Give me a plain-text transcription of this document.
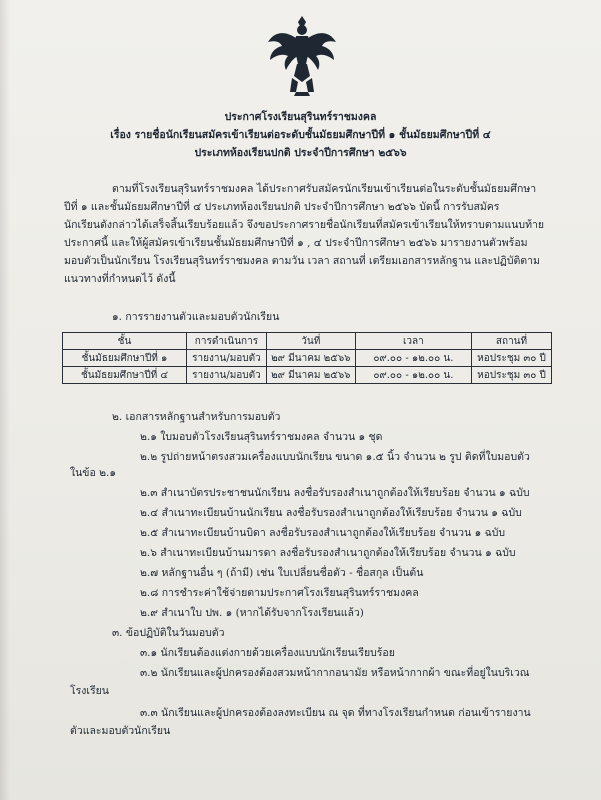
ประกาศโรงเรียนสุรินทร์ราชมงคล
เรื่อง รายชื่อนักเรียนสมัครเข้าเรียนต่อระดับชั้นมัธยมศึกษาปีที่ ๑ ชั้นมัธยมศึกษาปีที่ ๔
ประเภทห้องเรียนปกติ ประจำปีการศึกษา ๒๕๖๖
ตามที่โรงเรียนสุรินทร์ราชมงคล ได้ประกาศรับสมัครนักเรียนเข้าเรียนต่อในระดับชั้นมัธยมศึกษา
ปีที่ ๑ และชั้นมัธยมศึกษาปีที่ ๔ ประเภทห้องเรียนปกติ ประจำปีการศึกษา ๒๕๖๖ บัดนี้ การรับสมัคร
นักเรียนดังกล่าวได้เสร็จสิ้นเรียบร้อยแล้ว จึงขอประกาศรายชื่อนักเรียนที่สมัครเข้าเรียนให้ทราบตามแนบท้าย
ประกาศนี้ และให้ผู้สมัครเข้าเรียนชั้นมัธยมศึกษาปีที่ ๑ , ๔ ประจำปีการศึกษา ๒๕๖๖ มารายงานตัวพร้อม
มอบตัวเป็นนักเรียน โรงเรียนสุรินทร์ราชมงคล ตามวัน เวลา สถานที่ เตรียมเอกสารหลักฐาน และปฏิบัติตาม
แนวทางที่กำหนดไว้ ดังนี้
๑. การรายงานตัวและมอบตัวนักเรียน
ชั้น	การดำเนินการ	วันที่	เวลา	สถานที่
ชั้นมัธยมศึกษาปีที่ ๑	รายงาน/มอบตัว	๒๙ มีนาคม ๒๕๖๖	๐๙.๐๐ - ๑๒.๐๐ น.	หอประชุม ๓๐ ปี
ชั้นมัธยมศึกษาปีที่ ๔	รายงาน/มอบตัว	๒๙ มีนาคม ๒๕๖๖	๐๙.๐๐ - ๑๒.๐๐ น.	หอประชุม ๓๐ ปี
๒. เอกสารหลักฐานสำหรับการมอบตัว
๒.๑ ใบมอบตัวโรงเรียนสุรินทร์ราชมงคล จำนวน ๑ ชุด
๒.๒ รูปถ่ายหน้าตรงสวมเครื่องแบบนักเรียน ขนาด ๑.๕ นิ้ว จำนวน ๒ รูป ติดที่ใบมอบตัว
ในข้อ ๒.๑
๒.๓ สำเนาบัตรประชาชนนักเรียน ลงชื่อรับรองสำเนาถูกต้องให้เรียบร้อย จำนวน ๑ ฉบับ
๒.๔ สำเนาทะเบียนบ้านนักเรียน ลงชื่อรับรองสำเนาถูกต้องให้เรียบร้อย จำนวน ๑ ฉบับ
๒.๕ สำเนาทะเบียนบ้านบิดา ลงชื่อรับรองสำเนาถูกต้องให้เรียบร้อย จำนวน ๑ ฉบับ
๒.๖ สำเนาทะเบียนบ้านมารดา ลงชื่อรับรองสำเนาถูกต้องให้เรียบร้อย จำนวน ๑ ฉบับ
๒.๗ หลักฐานอื่น ๆ (ถ้ามี) เช่น ใบเปลี่ยนชื่อตัว - ชื่อสกุล เป็นต้น
๒.๘ การชำระค่าใช้จ่ายตามประกาศโรงเรียนสุรินทร์ราชมงคล
๒.๙ สำเนาใบ ปพ. ๑ (หากได้รับจากโรงเรียนแล้ว)
๓. ข้อปฏิบัติในวันมอบตัว
๓.๑ นักเรียนต้องแต่งกายด้วยเครื่องแบบนักเรียนเรียบร้อย
๓.๒ นักเรียนและผู้ปกครองต้องสวมหน้ากากอนามัย หรือหน้ากากผ้า ขณะที่อยู่ในบริเวณ
โรงเรียน
๓.๓ นักเรียนและผู้ปกครองต้องลงทะเบียน ณ จุด ที่ทางโรงเรียนกำหนด ก่อนเข้ารายงาน
ตัวและมอบตัวนักเรียน
